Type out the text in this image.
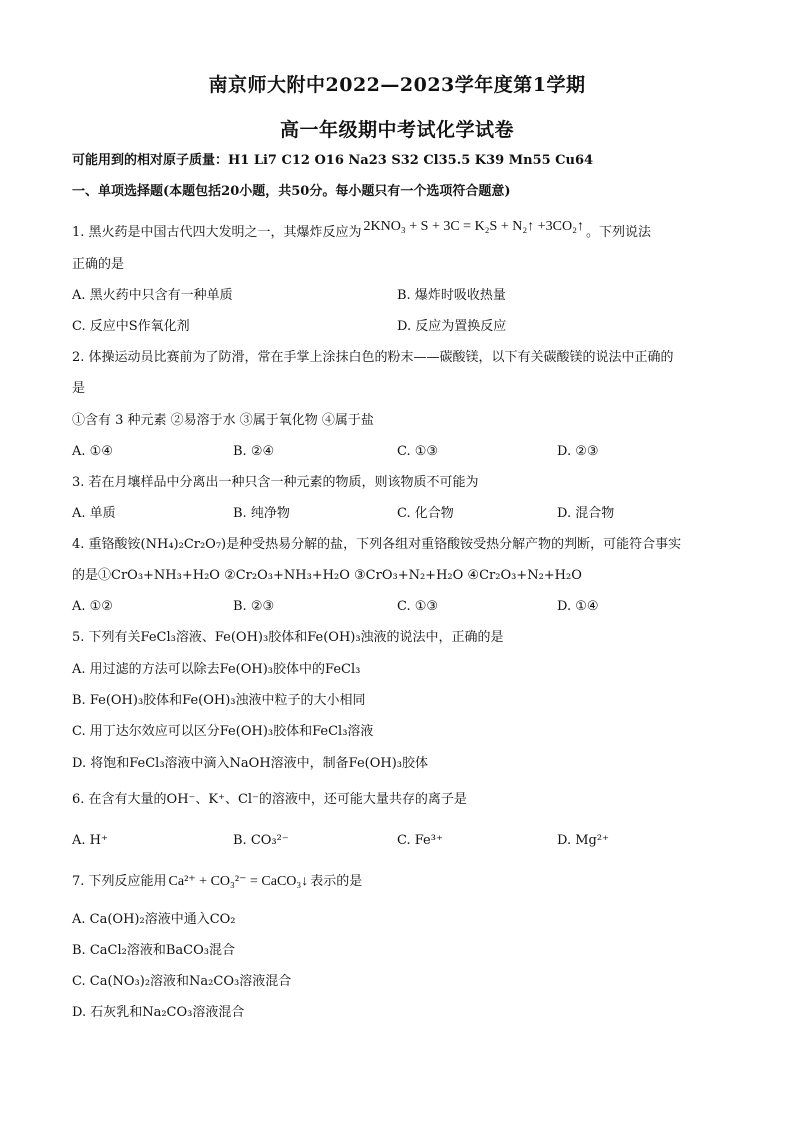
南京师大附中2022—2023学年度第1学期
高一年级期中考试化学试卷
可能用到的相对原子质量：H1 Li7 C12 O16 Na23 S32 Cl35.5 K39 Mn55 Cu64
一、单项选择题(本题包括20小题，共50分。每小题只有一个选项符合题意)
1. 黑火药是中国古代四大发明之一，其爆炸反应为 2KNO₃ + S + 3C = K₂S + N₂↑ +3CO₂↑ 。下列说法
正确的是
A. 黑火药中只含有一种单质	B. 爆炸时吸收热量
C. 反应中S作氧化剂	D. 反应为置换反应
2. 体操运动员比赛前为了防滑，常在手掌上涂抹白色的粉末——碳酸镁，以下有关碳酸镁的说法中正确的
是
①含有 3 种元素 ②易溶于水 ③属于氧化物 ④属于盐
A. ①④	B. ②④	C. ①③	D. ②③
3. 若在月壤样品中分离出一种只含一种元素的物质，则该物质不可能为
A. 单质	B. 纯净物	C. 化合物	D. 混合物
4. 重铬酸铵(NH₄)₂Cr₂O₇)是种受热易分解的盐，下列各组对重铬酸铵受热分解产物的判断，可能符合事实
的是①CrO₃+NH₃+H₂O ②Cr₂O₃+NH₃+H₂O ③CrO₃+N₂+H₂O ④Cr₂O₃+N₂+H₂O
A. ①②	B. ②③	C. ①③	D. ①④
5. 下列有关FeCl₃溶液、Fe(OH)₃胶体和Fe(OH)₃浊液的说法中，正确的是
A. 用过滤的方法可以除去Fe(OH)₃胶体中的FeCl₃
B. Fe(OH)₃胶体和Fe(OH)₃浊液中粒子的大小相同
C. 用丁达尔效应可以区分Fe(OH)₃胶体和FeCl₃溶液
D. 将饱和FeCl₃溶液中滴入NaOH溶液中，制备Fe(OH)₃胶体
6. 在含有大量的OH⁻、K⁺、Cl⁻的溶液中，还可能大量共存的离子是
A. H⁺	B. CO₃²⁻	C. Fe³⁺	D. Mg²⁺
7. 下列反应能用 Ca²⁺ + CO₃²⁻ = CaCO₃↓ 表示的是
A. Ca(OH)₂溶液中通入CO₂
B. CaCl₂溶液和BaCO₃混合
C. Ca(NO₃)₂溶液和Na₂CO₃溶液混合
D. 石灰乳和Na₂CO₃溶液混合
